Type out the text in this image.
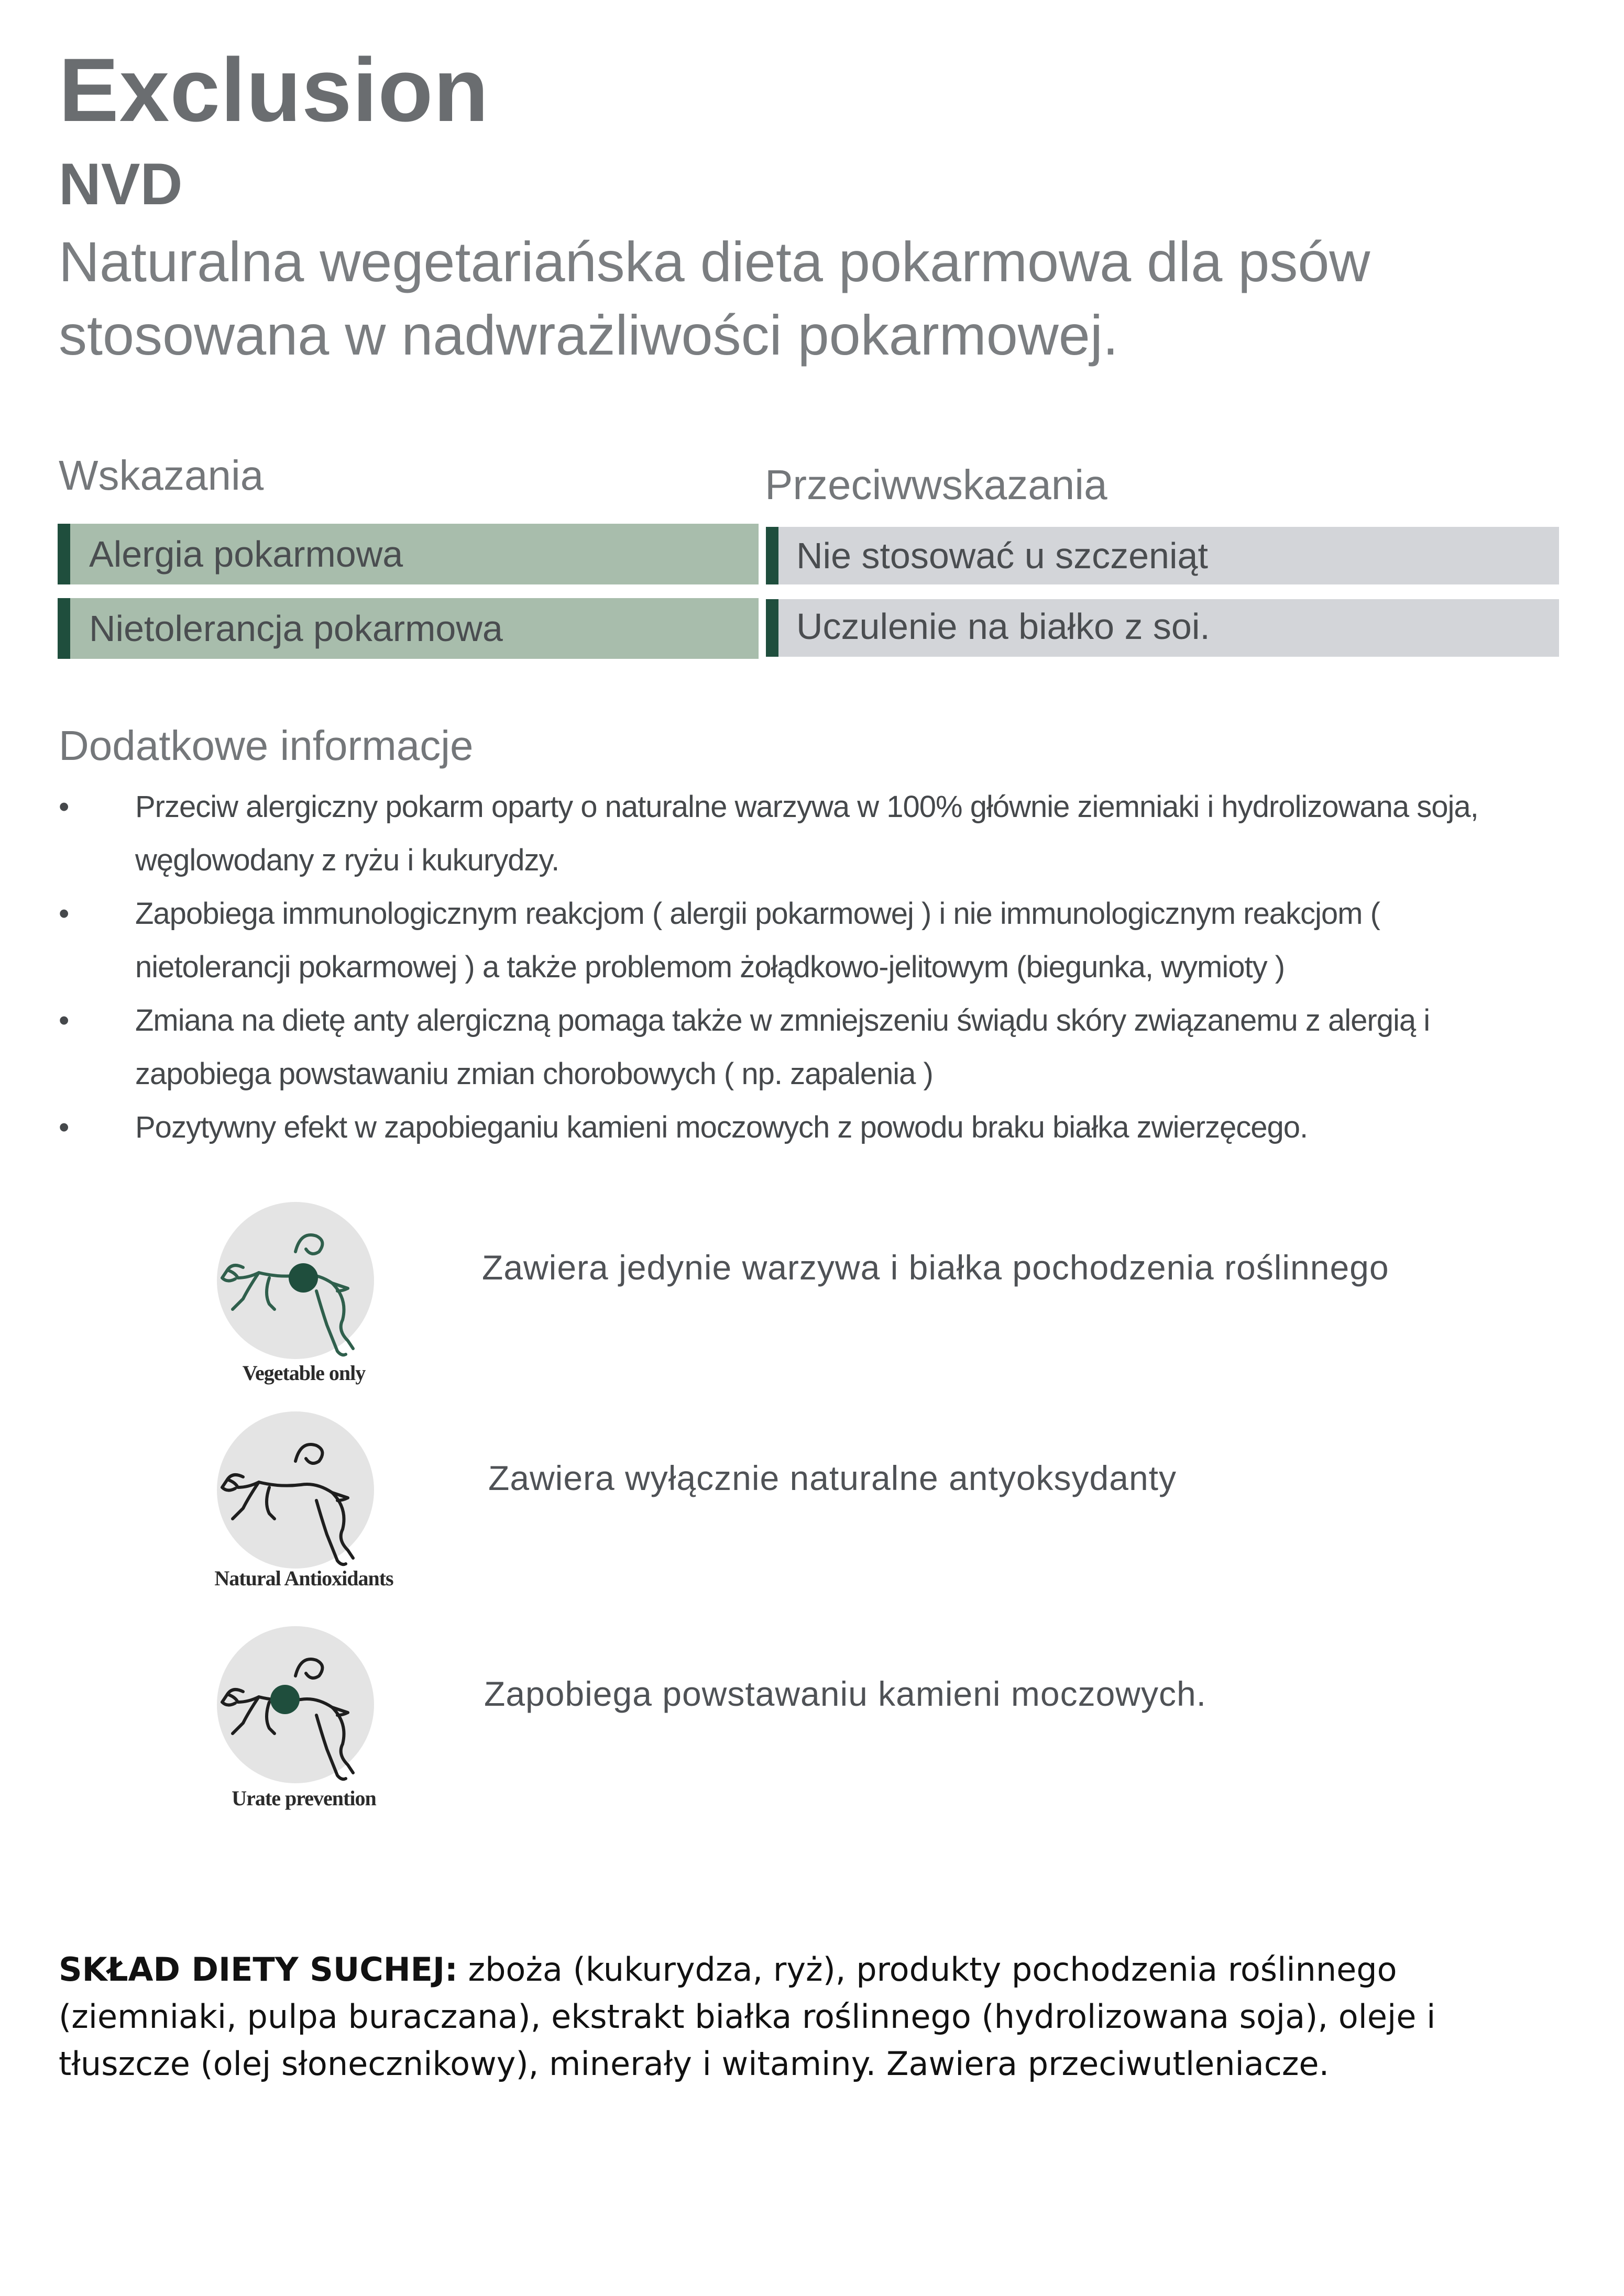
Exclusion
NVD
Naturalna wegetariańska dieta pokarmowa dla psów stosowana w nadwrażliwości pokarmowej.
Wskazania
Alergia pokarmowa
Nietolerancja pokarmowa
Przeciwwskazania
Nie stosować u szczeniąt
Uczulenie na białko z soi.
Dodatkowe informacje
• Przeciw alergiczny pokarm oparty o naturalne warzywa w 100% głównie ziemniaki i hydrolizowana soja, węglowodany z ryżu i kukurydzy.
• Zapobiega immunologicznym reakcjom ( alergii pokarmowej ) i nie immunologicznym reakcjom ( nietolerancji pokarmowej ) a także problemom żołądkowo-jelitowym (biegunka, wymioty )
• Zmiana na dietę anty alergiczną pomaga także w zmniejszeniu świądu skóry związanemu z alergią i zapobiega powstawaniu zmian chorobowych ( np. zapalenia )
• Pozytywny efekt w zapobieganiu kamieni moczowych z powodu braku białka zwierzęcego.
Vegetable only
Zawiera jedynie warzywa i białka pochodzenia roślinnego
Natural Antioxidants
Zawiera wyłącznie naturalne antyoksydanty
Urate prevention
Zapobiega powstawaniu kamieni moczowych.
SKŁAD DIETY SUCHEJ: zboża (kukurydza, ryż), produkty pochodzenia roślinnego (ziemniaki, pulpa buraczana), ekstrakt białka roślinnego (hydrolizowana soja), oleje i tłuszcze (olej słonecznikowy), minerały i witaminy. Zawiera przeciwutleniacze.
